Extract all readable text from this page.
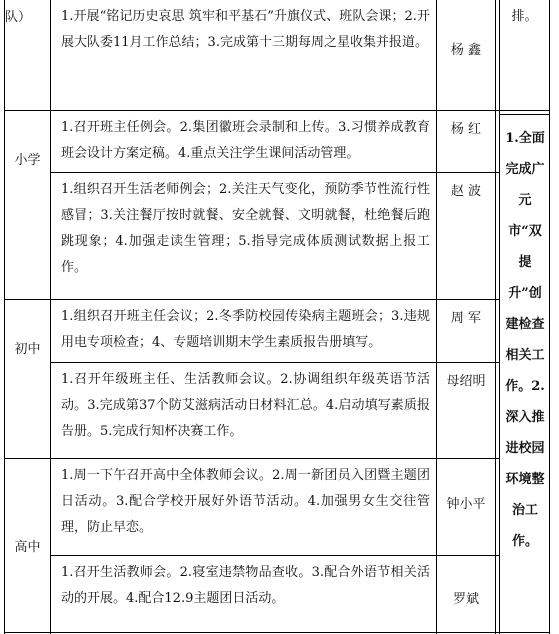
队）
小学
初中
高中
1.开展“铭记历史哀思 筑牢和平基石”升旗仪式、班队会课；2.开展大队委11月工作总结；3.完成第十三期每周之星收集并报道。
1.召开班主任例会。2.集团徽班会录制和上传。3.习惯养成教育班会设计方案定稿。4.重点关注学生课间活动管理。
1.组织召开生活老师例会；2.关注天气变化，预防季节性流行性感冒；3.关注餐厅按时就餐、安全就餐、文明就餐，杜绝餐后跑跳现象；4.加强走读生管理；5.指导完成体质测试数据上报工作。
1.组织召开班主任会议；2.冬季防校园传染病主题班会；3.违规用电专项检查；4、专题培训期末学生素质报告册填写。
1.召开年级班主任、生活教师会议。2.协调组织年级英语节活动。3.完成第37个防艾滋病活动日材料汇总。4.启动填写素质报告册。5.完成行知杯决赛工作。
1.周一下午召开高中全体教师会议。2.周一新团员入团暨主题团日活动。3.配合学校开展好外语节活动。4.加强男女生交往管理，防止早恋。
1.召开生活教师会。2.寝室违禁物品查收。3.配合外语节相关活动的开展。4.配合12.9主题团日活动。
杨 鑫
杨 红
赵 波
周 军
母绍明
钟小平
罗斌
排。
1.全面完成广元市“双提升”创建检查相关工作。2.深入推进校园环境整治工作。
